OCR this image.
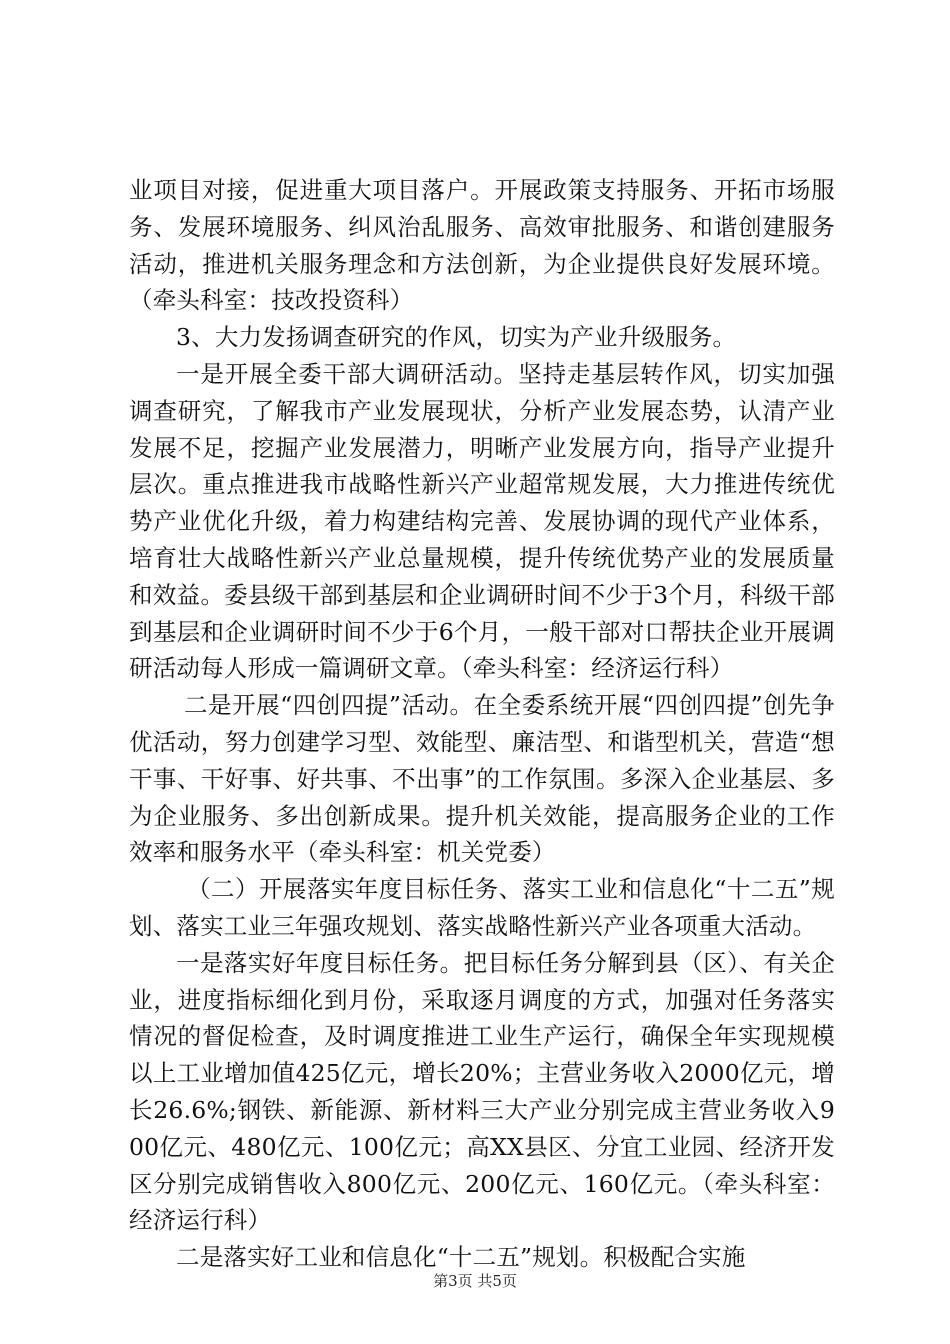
业项目对接，促进重大项目落户。开展政策支持服务、开拓市场服务、发展环境服务、纠风治乱服务、高效审批服务、和谐创建服务活动，推进机关服务理念和方法创新，为企业提供良好发展环境。（牵头科室：技改投资科）

3、大力发扬调查研究的作风，切实为产业升级服务。

一是开展全委干部大调研活动。坚持走基层转作风，切实加强调查研究，了解我市产业发展现状，分析产业发展态势，认清产业发展不足，挖掘产业发展潜力，明晰产业发展方向，指导产业提升层次。重点推进我市战略性新兴产业超常规发展，大力推进传统优势产业优化升级，着力构建结构完善、发展协调的现代产业体系，培育壮大战略性新兴产业总量规模，提升传统优势产业的发展质量和效益。委县级干部到基层和企业调研时间不少于3个月，科级干部到基层和企业调研时间不少于6个月，一般干部对口帮扶企业开展调研活动每人形成一篇调研文章。（牵头科室：经济运行科）

二是开展“四创四提”活动。在全委系统开展“四创四提”创先争优活动，努力创建学习型、效能型、廉洁型、和谐型机关，营造“想干事、干好事、好共事、不出事”的工作氛围。多深入企业基层、多为企业服务、多出创新成果。提升机关效能，提高服务企业的工作效率和服务水平（牵头科室：机关党委）

（二）开展落实年度目标任务、落实工业和信息化“十二五”规划、落实工业三年强攻规划、落实战略性新兴产业各项重大活动。

一是落实好年度目标任务。把目标任务分解到县（区）、有关企业，进度指标细化到月份，采取逐月调度的方式，加强对任务落实情况的督促检查，及时调度推进工业生产运行，确保全年实现规模以上工业增加值425亿元，增长20%；主营业务收入2000亿元，增长26.6%;钢铁、新能源、新材料三大产业分别完成主营业务收入900亿元、480亿元、100亿元；高XX县区、分宜工业园、经济开发区分别完成销售收入800亿元、200亿元、160亿元。（牵头科室：经济运行科）

二是落实好工业和信息化“十二五”规划。积极配合实施

第3页 共5页
